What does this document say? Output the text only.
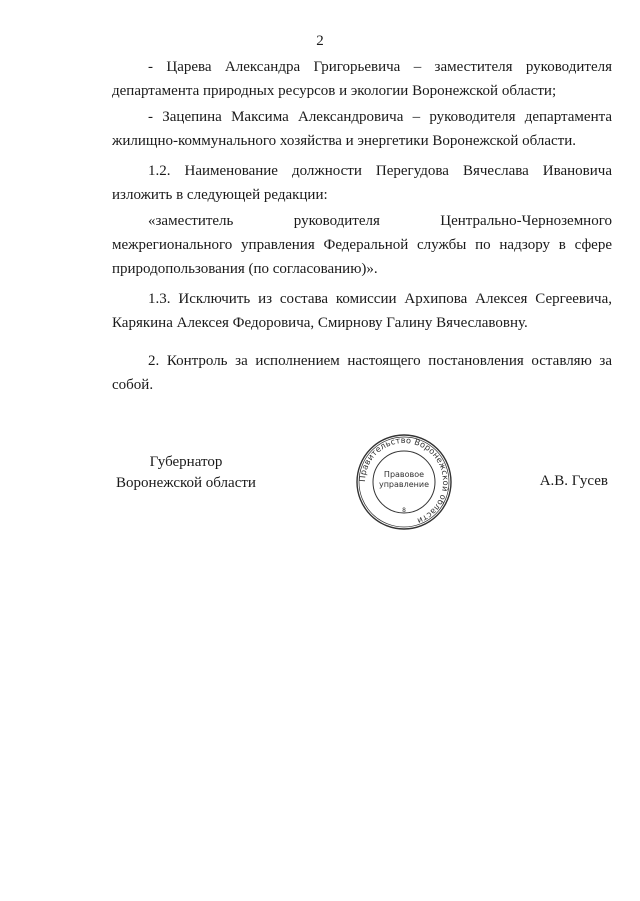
2

- Царева Александра Григорьевича – заместителя руководителя департамента природных ресурсов и экологии Воронежской области;

- Зацепина Максима Александровича – руководителя департамента жилищно-коммунального хозяйства и энергетики Воронежской области.

1.2. Наименование должности Перегудова Вячеслава Ивановича изложить в следующей редакции:

«заместитель	руководителя	Центрально-Черноземного

межрегионального управления Федеральной службы по надзору в сфере природопользования (по согласованию)».

1.3. Исключить из состава комиссии Архипова Алексея Сергеевича, Карякина Алексея Федоровича, Смирнову Галину Вячеславовну.

2. Контроль за исполнением настоящего постановления оставляю за собой.

Губернатор
Воронежской области	Правительство Воронежской области
Правовое
управление
8
А.В. Гусев
